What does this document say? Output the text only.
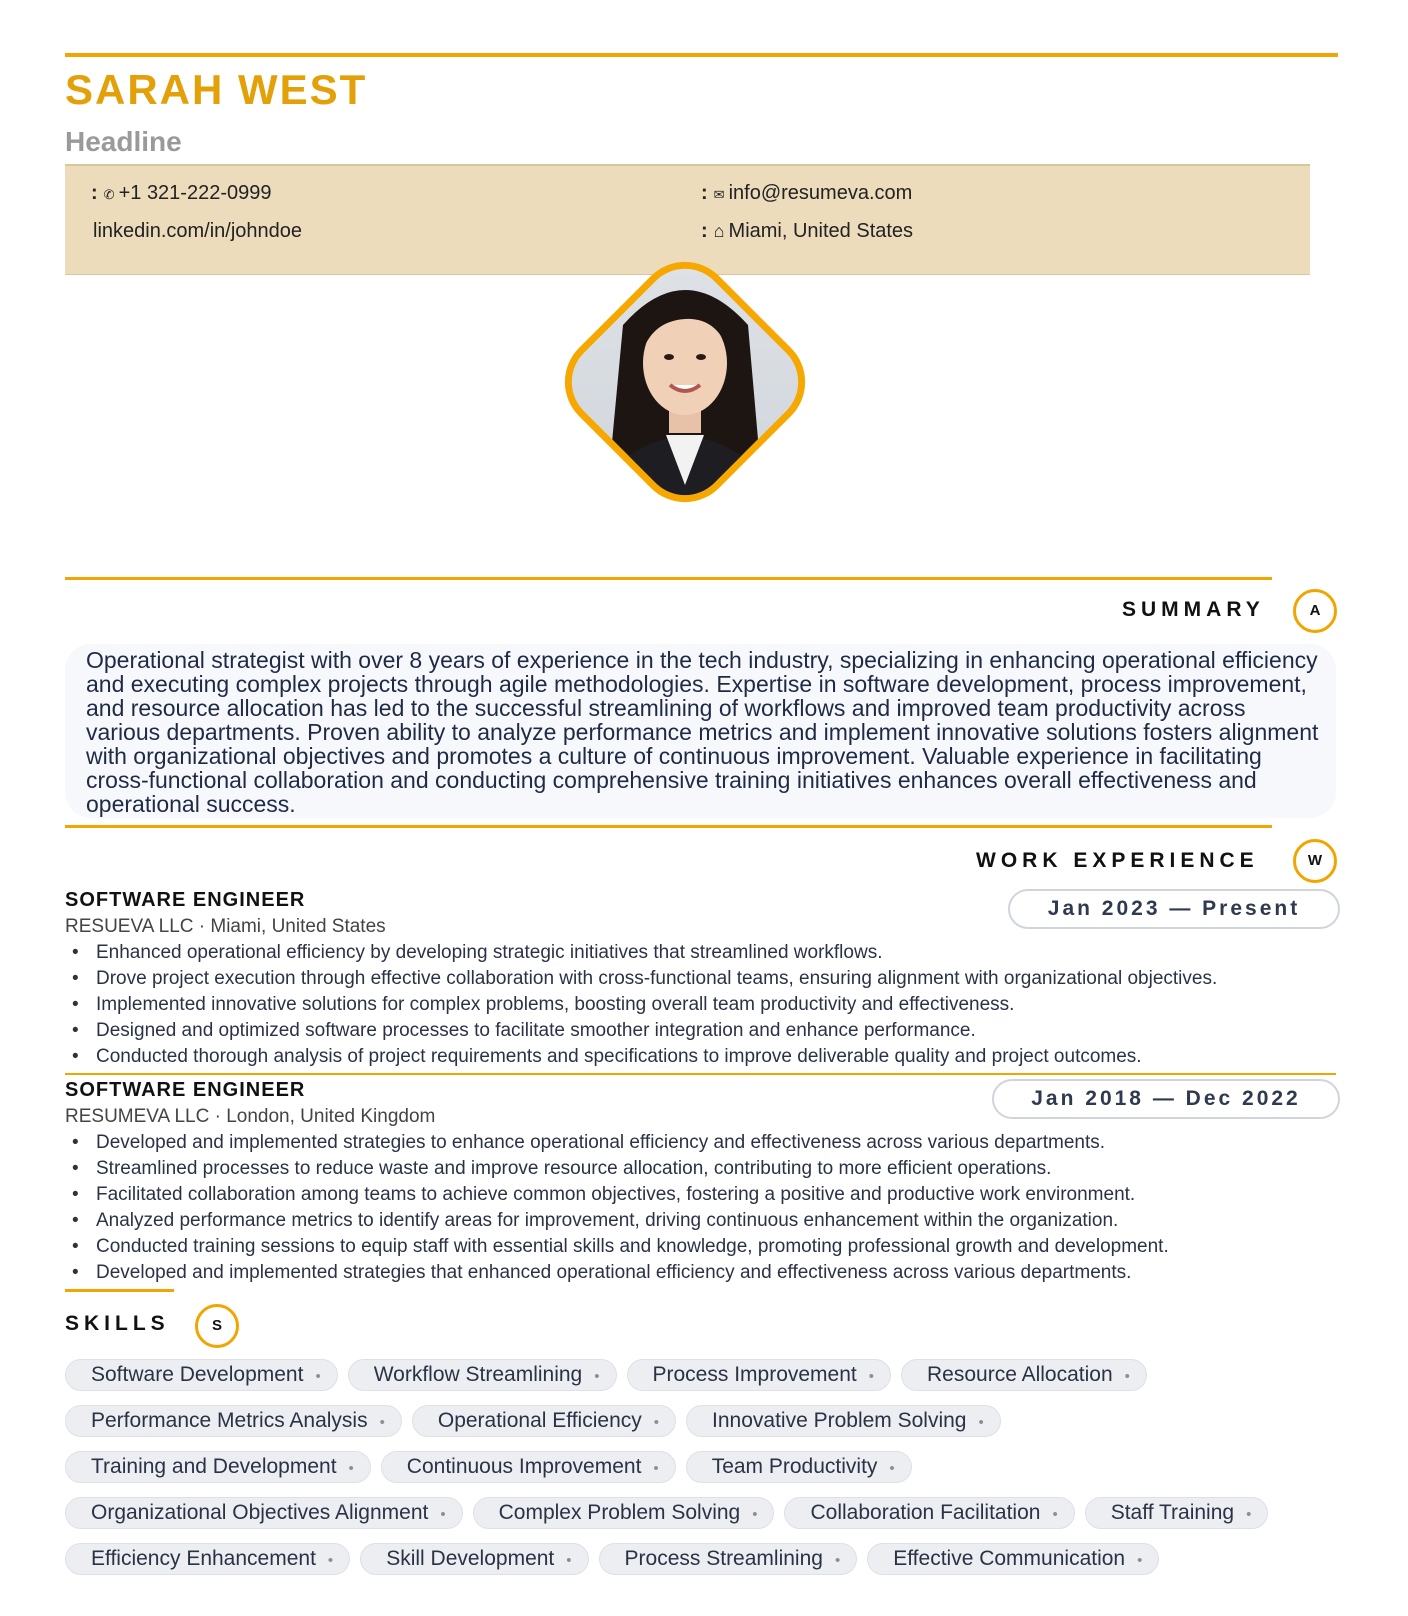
SARAH WEST
Headline
: ✆ +1 321-222-0999	: ✉ info@resumeva.com
linkedin.com/in/johndoe	: ⌂ Miami, United States
SUMMARY	A
Operational strategist with over 8 years of experience in the tech industry, specializing in enhancing operational efficiency and executing complex projects through agile methodologies. Expertise in software development, process improvement, and resource allocation has led to the successful streamlining of workflows and improved team productivity across various departments. Proven ability to analyze performance metrics and implement innovative solutions fosters alignment with organizational objectives and promotes a culture of continuous improvement. Valuable experience in facilitating cross-functional collaboration and conducting comprehensive training initiatives enhances overall effectiveness and operational success.
WORK EXPERIENCE	W
SOFTWARE ENGINEER
RESUEVA LLC · Miami, United States
Jan 2023 — Present
• Enhanced operational efficiency by developing strategic initiatives that streamlined workflows.
• Drove project execution through effective collaboration with cross-functional teams, ensuring alignment with organizational objectives.
• Implemented innovative solutions for complex problems, boosting overall team productivity and effectiveness.
• Designed and optimized software processes to facilitate smoother integration and enhance performance.
• Conducted thorough analysis of project requirements and specifications to improve deliverable quality and project outcomes.
SOFTWARE ENGINEER
RESUMEVA LLC · London, United Kingdom
Jan 2018 — Dec 2022
• Developed and implemented strategies to enhance operational efficiency and effectiveness across various departments.
• Streamlined processes to reduce waste and improve resource allocation, contributing to more efficient operations.
• Facilitated collaboration among teams to achieve common objectives, fostering a positive and productive work environment.
• Analyzed performance metrics to identify areas for improvement, driving continuous enhancement within the organization.
• Conducted training sessions to equip staff with essential skills and knowledge, promoting professional growth and development.
• Developed and implemented strategies that enhanced operational efficiency and effectiveness across various departments.
SKILLS	S
Software Development •	Workflow Streamlining •	Process Improvement •	Resource Allocation •
Performance Metrics Analysis •	Operational Efficiency •	Innovative Problem Solving •
Training and Development •	Continuous Improvement •	Team Productivity •
Organizational Objectives Alignment •	Complex Problem Solving •	Collaboration Facilitation •	Staff Training •
Efficiency Enhancement •	Skill Development •	Process Streamlining •	Effective Communication •
